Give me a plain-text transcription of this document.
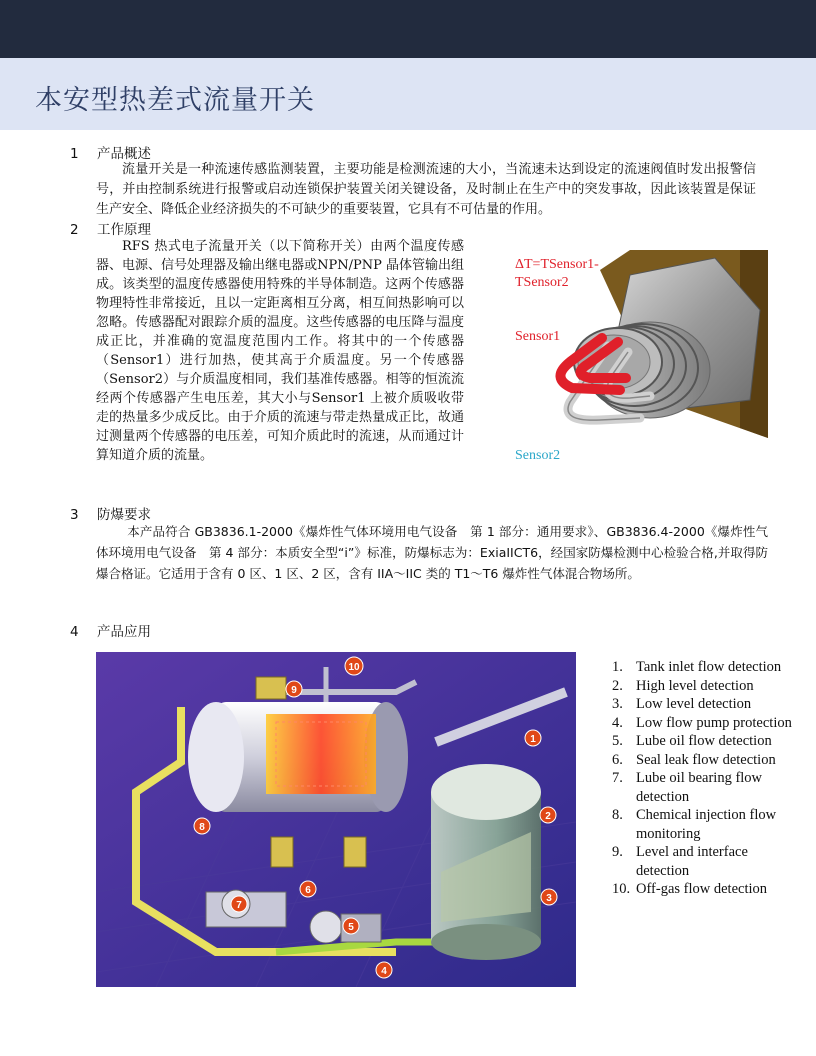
本安型热差式流量开关
1 产品概述
流量开关是一种流速传感监测装置，主要功能是检测流速的大小，当流速未达到设定的流速阀值时发出报警信号，并由控制系统进行报警或启动连锁保护装置关闭关键设备，及时制止在生产中的突发事故，因此该装置是保证生产安全、降低企业经济损失的不可缺少的重要装置，它具有不可估量的作用。
2 工作原理
RFS 热式电子流量开关（以下简称开关）由两个温度传感器、电源、信号处理器及输出继电器或NPN/PNP 晶体管输出组成。该类型的温度传感器使用特殊的半导体制造。这两个传感器物理特性非常接近，且以一定距离相互分离，相互间热影响可以忽略。传感器配对跟踪介质的温度。这些传感器的电压降与温度成正比，并准确的宽温度范围内工作。将其中的一个传感器（Sensor1）进行加热，使其高于介质温度。另一个传感器（Sensor2）与介质温度相同，我们基准传感器。相等的恒流流经两个传感器产生电压差，其大小与Sensor1 上被介质吸收带走的热量多少成反比。由于介质的流速与带走热量成正比，故通过测量两个传感器的电压差，可知介质此时的流速，从而通过计算知道介质的流量。
ΔT=TSensor1-
TSensor2
Sensor1
Sensor2
3 防爆要求
本产品符合 GB3836.1-2000《爆炸性气体环境用电气设备　第 1 部分：通用要求》、GB3836.4-2000《爆炸性气体环境用电气设备　第 4 部分：本质安全型“i”》标准，防爆标志为：ExiaIICT6，经国家防爆检测中心检验合格,并取得防爆合格证。它适用于含有 0 区、1 区、2 区，含有 IIA～IIC 类的 T1～T6 爆炸性气体混合物场所。
4 产品应用
1
2
3
4
5
6
7
8
9
10	1. Tank inlet flow detection
2. High level detection
3. Low level detection
4. Low flow pump protection
5. Lube oil flow detection
6. Seal leak flow detection
7. Lube oil bearing flow detection
8. Chemical injection flow monitoring
9. Level and interface detection
10. Off-gas flow detection
